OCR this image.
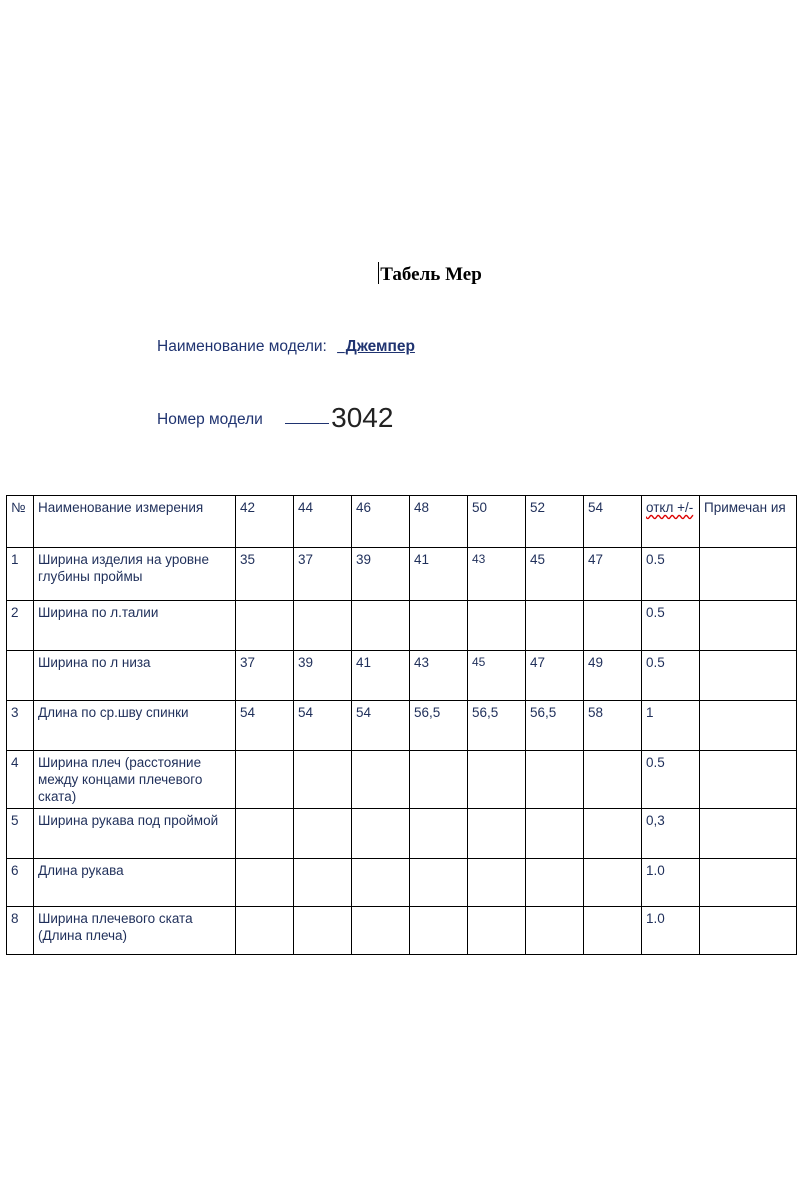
Табель Мер
Наименование модели: _Джемпер
Номер модели 3042
№	Наименование измерения	42	44	46	48	50	52	54	откл +/-	Примечан ия
1	Ширина изделия на уровне глубины проймы	35	37	39	41	43	45	47	0.5	
2	Ширина по л.талии								0.5	
	Ширина по л низа	37	39	41	43	45	47	49	0.5	
3	Длина по ср.шву спинки	54	54	54	56,5	56,5	56,5	58	1	
4	Ширина плеч (расстояние между концами плечевого ската)								0.5	
5	Ширина рукава под проймой								0,3	
6	Длина рукава								1.0	
8	Ширина плечевого ската (Длина плеча)								1.0	
